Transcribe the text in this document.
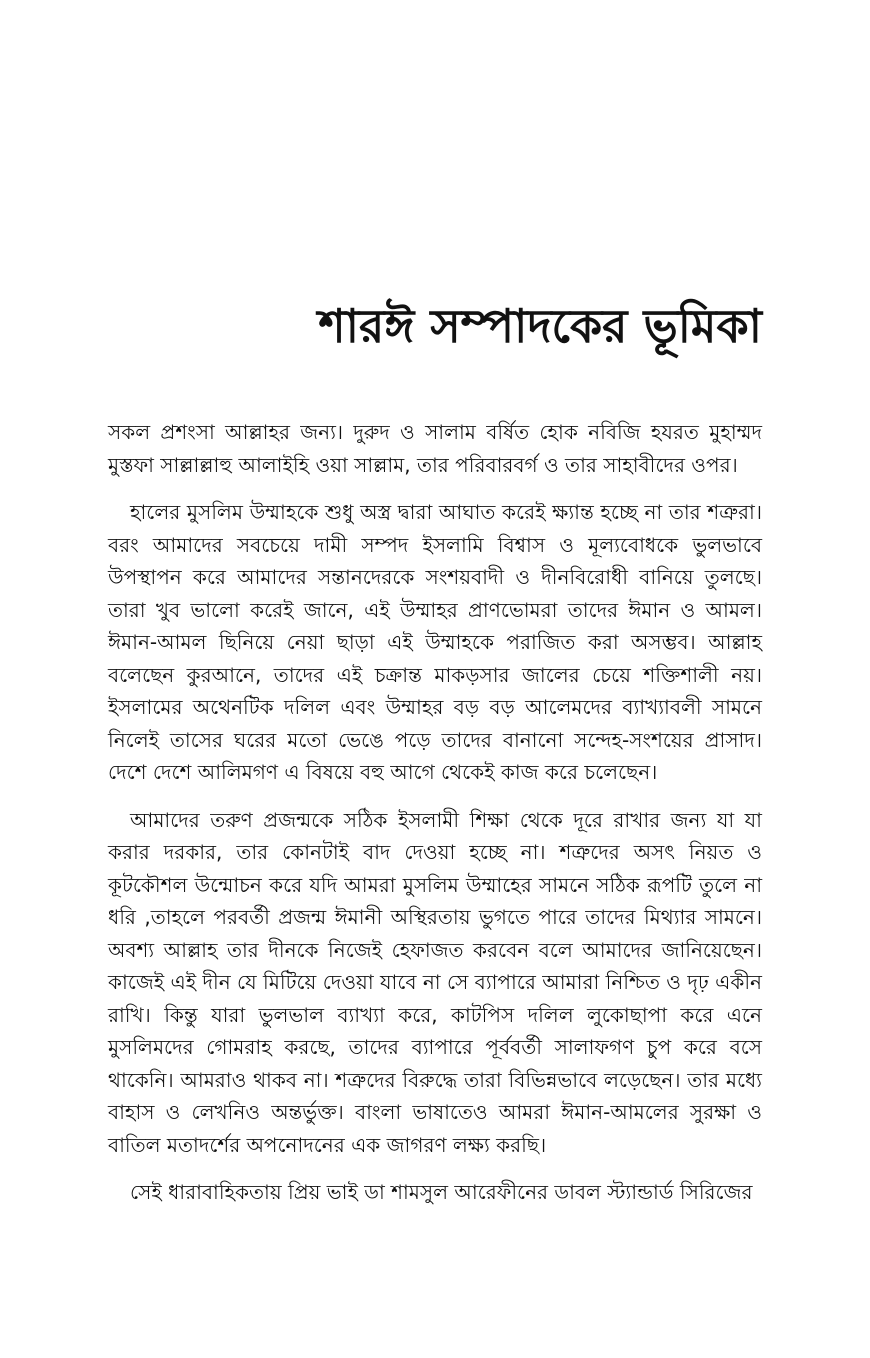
শারঈ সম্পাদকের ভূমিকা

সকল প্রশংসা আল্লাহর জন্য। দুরুদ ও সালাম বর্ষিত হোক নবিজি হযরত মুহাম্মদ মুস্তফা সাল্লাল্লাহু আলাইহি ওয়া সাল্লাম, তার পরিবারবর্গ ও তার সাহাবীদের ওপর।

হালের মুসলিম উম্মাহকে শুধু অস্ত্র দ্বারা আঘাত করেই ক্ষ্যান্ত হচ্ছে না তার শত্রুরা। বরং আমাদের সবচেয়ে দামী সম্পদ ইসলামি বিশ্বাস ও মূল্যবোধকে ভুলভাবে উপস্থাপন করে আমাদের সন্তানদেরকে সংশয়বাদী ও দীনবিরোধী বানিয়ে তুলছে। তারা খুব ভালো করেই জানে, এই উম্মাহর প্রাণভোমরা তাদের ঈমান ও আমল। ঈমান-আমল ছিনিয়ে নেয়া ছাড়া এই উম্মাহকে পরাজিত করা অসম্ভব। আল্লাহ বলেছেন কুরআনে, তাদের এই চক্রান্ত মাকড়সার জালের চেয়ে শক্তিশালী নয়। ইসলামের অথেনটিক দলিল এবং উম্মাহর বড় বড় আলেমদের ব্যাখ্যাবলী সামনে নিলেই তাসের ঘরের মতো ভেঙে পড়ে তাদের বানানো সন্দেহ-সংশয়ের প্রাসাদ। দেশে দেশে আলিমগণ এ বিষয়ে বহু আগে থেকেই কাজ করে চলেছেন।

আমাদের তরুণ প্রজন্মকে সঠিক ইসলামী শিক্ষা থেকে দূরে রাখার জন্য যা যা করার দরকার, তার কোনটাই বাদ দেওয়া হচ্ছে না। শত্রুদের অসৎ নিয়ত ও কূটকৌশল উন্মোচন করে যদি আমরা মুসলিম উম্মাহের সামনে সঠিক রূপটি তুলে না ধরি ,তাহলে পরবর্তী প্রজন্ম ঈমানী অস্থিরতায় ভুগতে পারে তাদের মিথ্যার সামনে। অবশ্য আল্লাহ তার দীনকে নিজেই হেফাজত করবেন বলে আমাদের জানিয়েছেন। কাজেই এই দীন যে মিটিয়ে দেওয়া যাবে না সে ব্যাপারে আমারা নিশ্চিত ও দৃঢ় একীন রাখি। কিন্তু যারা ভুলভাল ব্যাখ্যা করে, কাটপিস দলিল লুকোছাপা করে এনে মুসলিমদের গোমরাহ করছে, তাদের ব্যাপারে পূর্ববর্তী সালাফগণ চুপ করে বসে থাকেনি। আমরাও থাকব না। শত্রুদের বিরুদ্ধে তারা বিভিন্নভাবে লড়েছেন। তার মধ্যে বাহাস ও লেখনিও অন্তর্ভুক্ত। বাংলা ভাষাতেও আমরা ঈমান-আমলের সুরক্ষা ও বাতিল মতাদর্শের অপনোদনের এক জাগরণ লক্ষ্য করছি।

সেই ধারাবাহিকতায় প্রিয় ভাই ডা শামসুল আরেফীনের ডাবল স্ট্যান্ডার্ড সিরিজের
